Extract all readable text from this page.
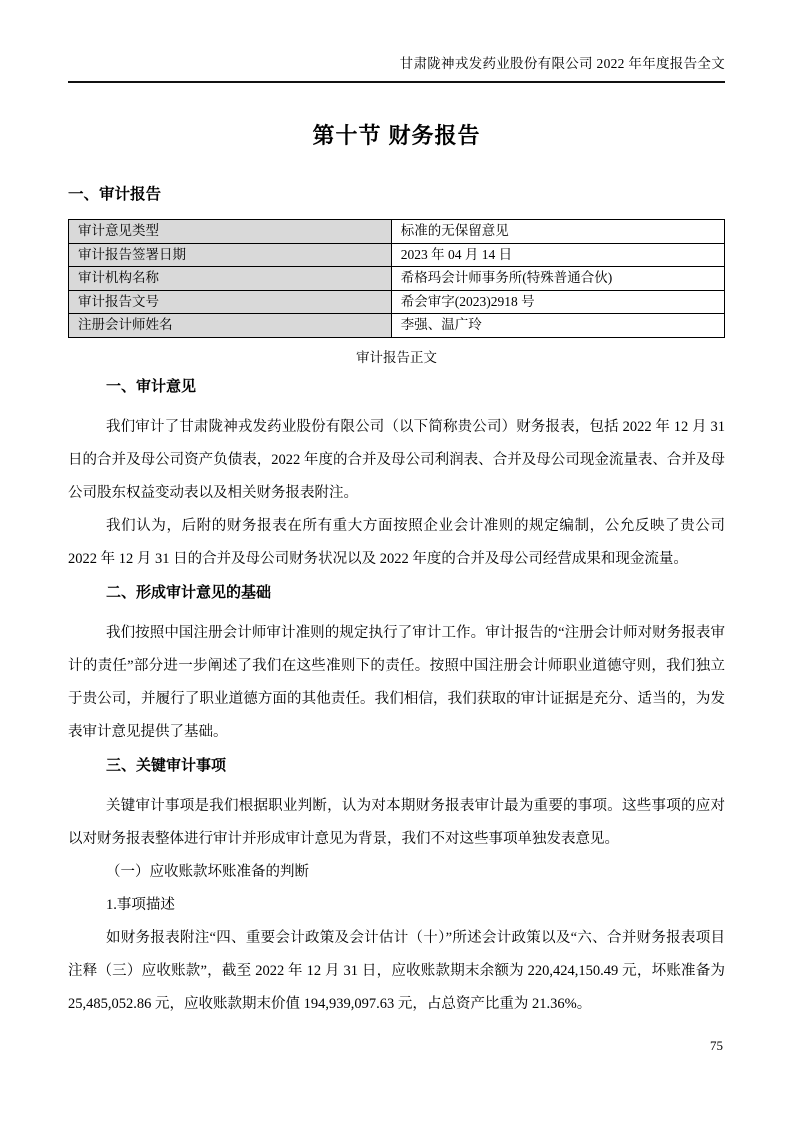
甘肃陇神戎发药业股份有限公司 2022 年年度报告全文
第十节 财务报告
一、审计报告
审计意见类型	标准的无保留意见
审计报告签署日期	2023 年 04 月 14 日
审计机构名称	希格玛会计师事务所(特殊普通合伙)
审计报告文号	希会审字(2023)2918 号
注册会计师姓名	李强、温广玲
审计报告正文

一、审计意见

我们审计了甘肃陇神戎发药业股份有限公司（以下简称贵公司）财务报表，包括 2022 年 12 月 31 日的合并及母公司资产负债表，2022 年度的合并及母公司利润表、合并及母公司现金流量表、合并及母公司股东权益变动表以及相关财务报表附注。

我们认为，后附的财务报表在所有重大方面按照企业会计准则的规定编制，公允反映了贵公司 2022 年 12 月 31 日的合并及母公司财务状况以及 2022 年度的合并及母公司经营成果和现金流量。

二、形成审计意见的基础

我们按照中国注册会计师审计准则的规定执行了审计工作。审计报告的“注册会计师对财务报表审计的责任”部分进一步阐述了我们在这些准则下的责任。按照中国注册会计师职业道德守则，我们独立于贵公司，并履行了职业道德方面的其他责任。我们相信，我们获取的审计证据是充分、适当的，为发表审计意见提供了基础。

三、关键审计事项

关键审计事项是我们根据职业判断，认为对本期财务报表审计最为重要的事项。这些事项的应对以对财务报表整体进行审计并形成审计意见为背景，我们不对这些事项单独发表意见。

（一）应收账款坏账准备的判断

1.事项描述

如财务报表附注“四、重要会计政策及会计估计（十）”所述会计政策以及“六、合并财务报表项目注释（三）应收账款”，截至 2022 年 12 月 31 日，应收账款期末余额为 220,424,150.49 元，坏账准备为 25,485,052.86 元，应收账款期末价值 194,939,097.63 元，占总资产比重为 21.36%。

75
